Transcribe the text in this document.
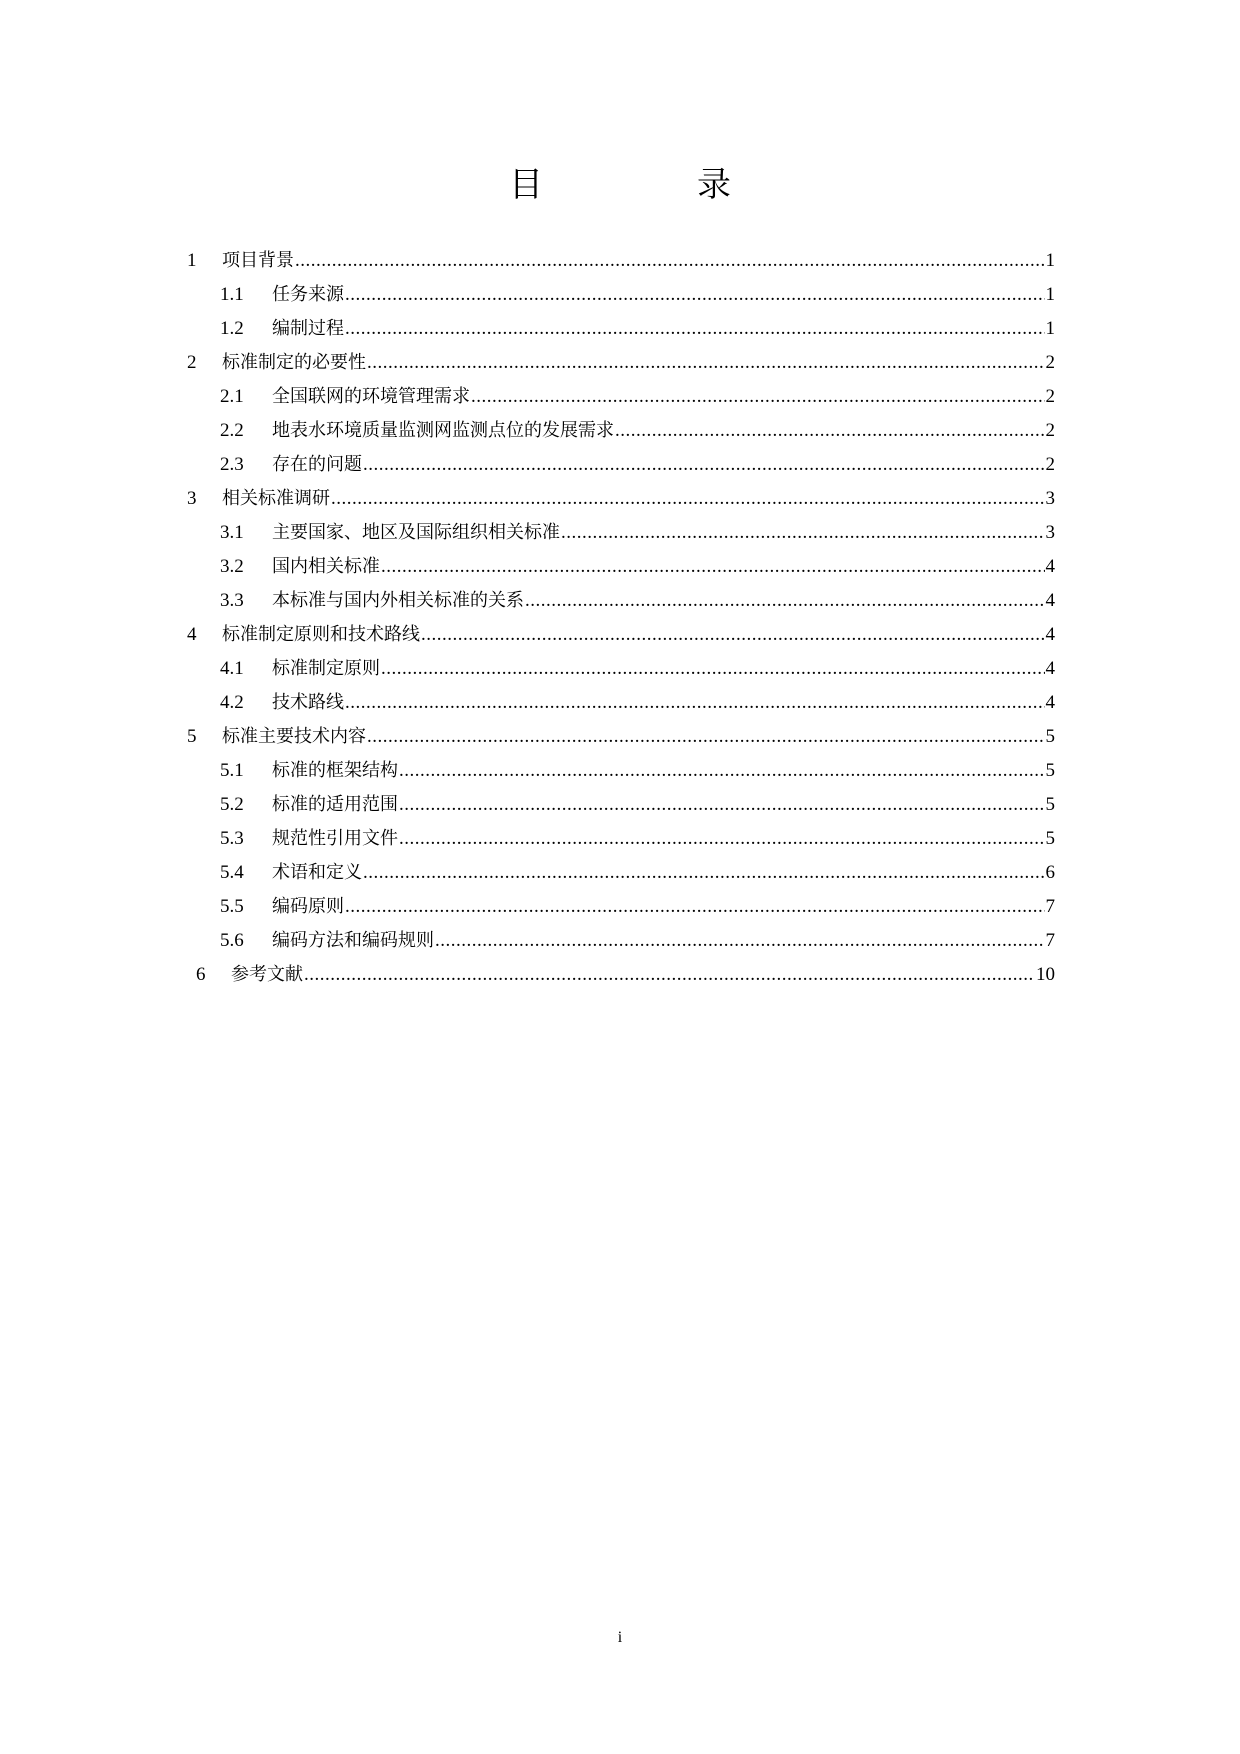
目　录
1	项目背景 .....	1
1.1	任务来源 .....	1
1.2	编制过程 .....	1
2	标准制定的必要性 .....	2
2.1	全国联网的环境管理需求 .....	2
2.2	地表水环境质量监测网监测点位的发展需求 .....	2
2.3	存在的问题 .....	2
3	相关标准调研 .....	3
3.1	主要国家、地区及国际组织相关标准 .....	3
3.2	国内相关标准 .....	4
3.3	本标准与国内外相关标准的关系 .....	4
4	标准制定原则和技术路线 .....	4
4.1	标准制定原则 .....	4
4.2	技术路线 .....	4
5	标准主要技术内容 .....	5
5.1	标准的框架结构 .....	5
5.2	标准的适用范围 .....	5
5.3	规范性引用文件 .....	5
5.4	术语和定义 .....	6
5.5	编码原则 .....	7
5.6	编码方法和编码规则 .....	7
6	参考文献 .....	10
i
